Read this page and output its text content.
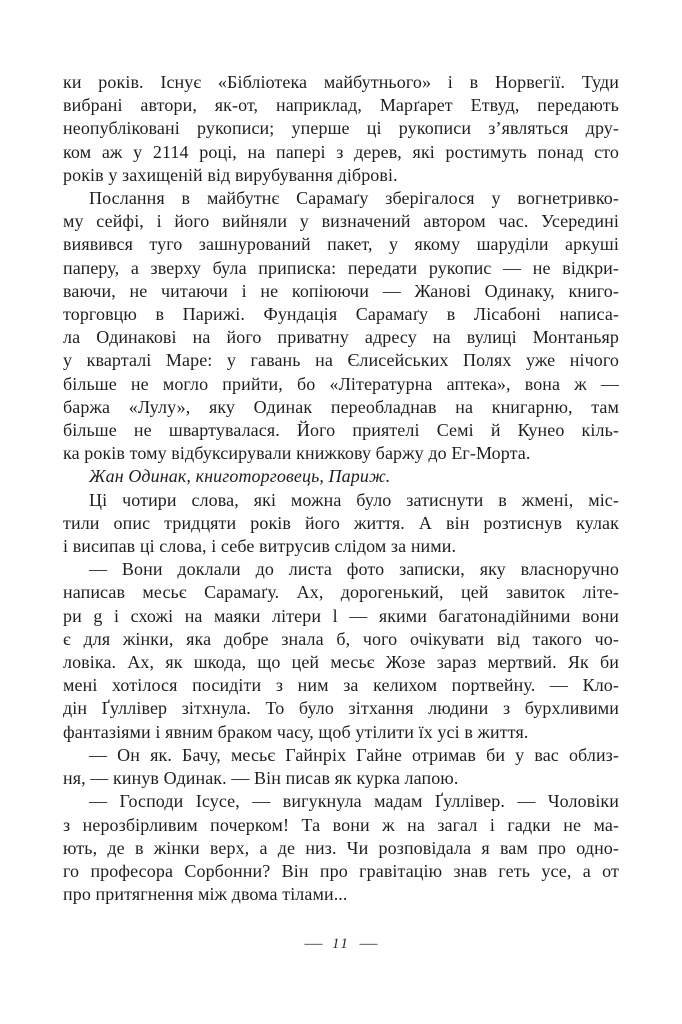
ки років. Існує «Бібліотека майбутнього» і в Норвегії. Туди
вибрані автори, як-от, наприклад, Марґарет Етвуд, передають
неопубліковані рукописи; уперше ці рукописи з’являться дру-
ком аж у 2114 році, на папері з дерев, які ростимуть понад сто
років у захищеній від вирубування діброві.
Послання в майбутнє Сарамаґу зберігалося у вогнетривко-
му сейфі, і його вийняли у визначений автором час. Усередині
виявився туго зашнурований пакет, у якому шаруділи аркуші
паперу, а зверху була приписка: передати рукопис — не відкри-
ваючи, не читаючи і не копіюючи — Жанові Одинаку, книго-
торговцю в Парижі. Фундація Сарамаґу в Лісабоні написа-
ла Одинакові на його приватну адресу на вулиці Монтаньяр
у кварталі Маре: у гавань на Єлисейських Полях уже нічого
більше не могло прийти, бо «Літературна аптека», вона ж —
баржа «Лулу», яку Одинак переобладнав на книгарню, там
більше не швартувалася. Його приятелі Семі й Кунео кіль-
ка років тому відбуксирували книжкову баржу до Ег-Морта.
Жан Одинак, книготорговець, Париж.
Ці чотири слова, які можна було затиснути в жмені, міс-
тили опис тридцяти років його життя. А він розтиснув кулак
і висипав ці слова, і себе витрусив слідом за ними.
— Вони доклали до листа фото записки, яку власноручно
написав месьє Сарамаґу. Ах, дорогенький, цей завиток літе-
ри g і схожі на маяки літери l — якими багатонадійними вони
є для жінки, яка добре знала б, чого очікувати від такого чо-
ловіка. Ах, як шкода, що цей месьє Жозе зараз мертвий. Як би
мені хотілося посидіти з ним за келихом портвейну. — Кло-
дін Ґуллівер зітхнула. То було зітхання людини з бурхливими
фантазіями і явним браком часу, щоб утілити їх усі в життя.
— Он як. Бачу, месьє Гайнріх Гайне отримав би у вас облиз-
ня, — кинув Одинак. — Він писав як курка лапою.
— Господи Ісусе, — вигукнула мадам Ґуллівер. — Чоловіки
з нерозбірливим почерком! Та вони ж на загал і гадки не ма-
ють, де в жінки верх, а де низ. Чи розповідала я вам про одно-
го професора Сорбонни? Він про гравітацію знав геть усе, а от
про притягнення між двома тілами...
— 11 —
